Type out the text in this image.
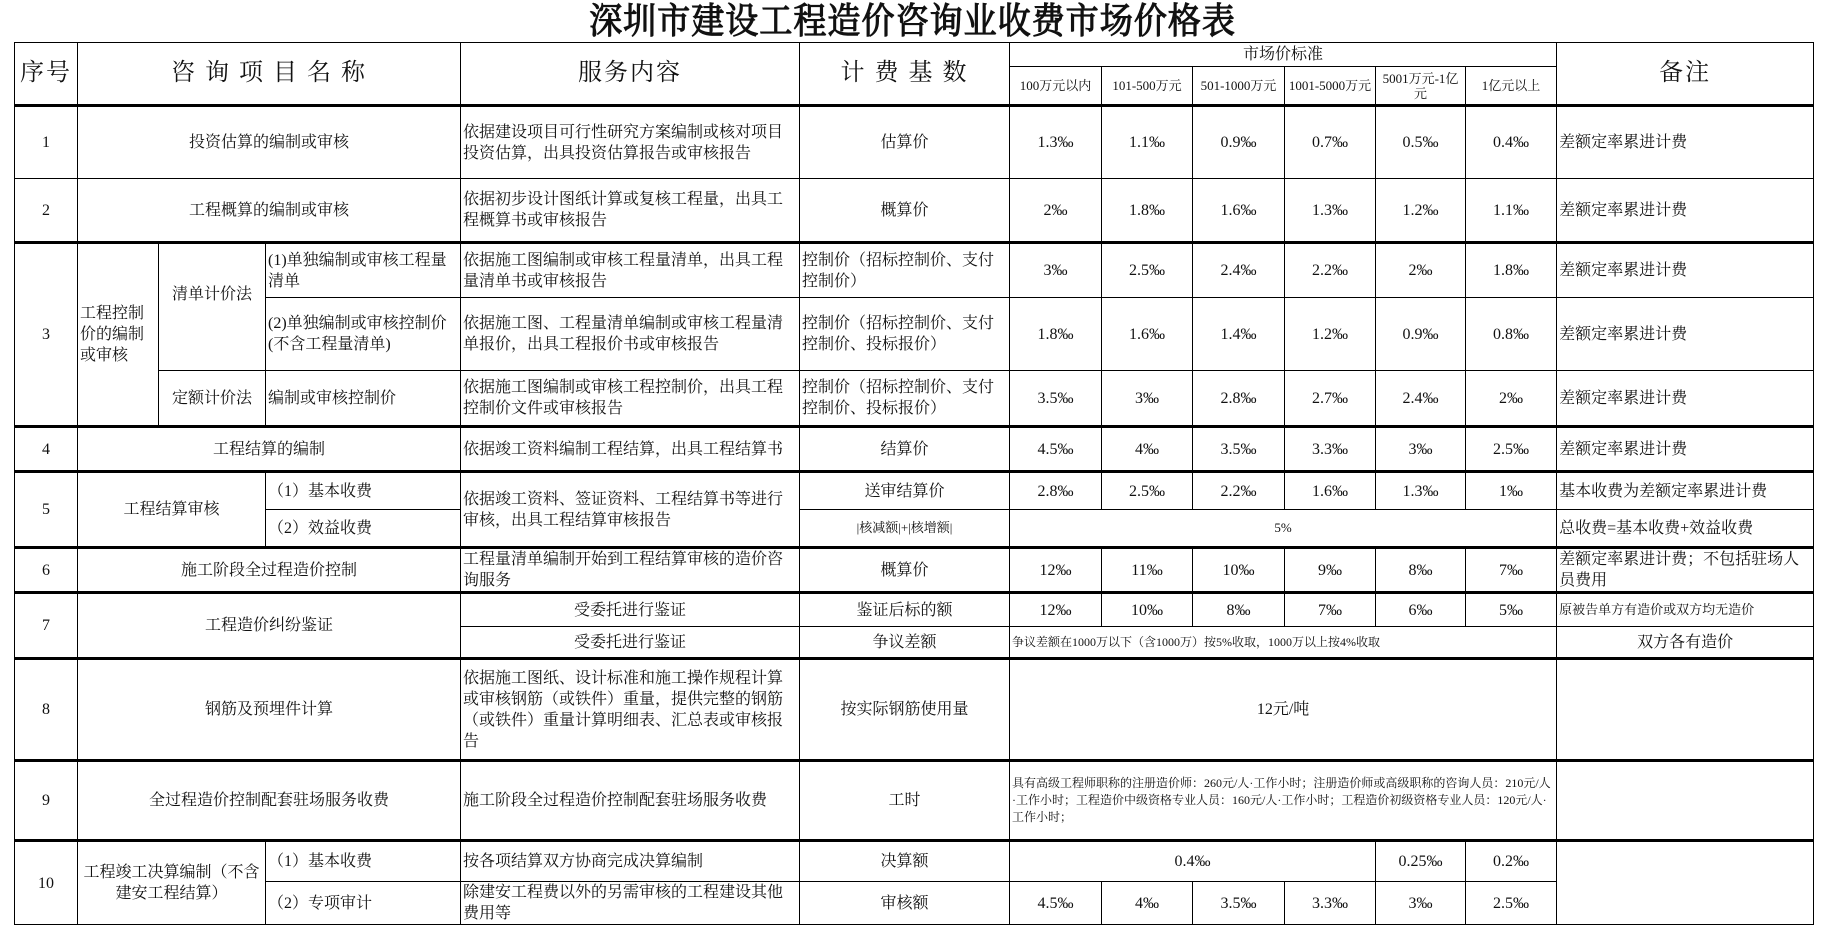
深圳市建设工程造价咨询业收费市场价格表
序号	咨 询 项 目 名 称			服务内容	计 费 基 数	市场价标准						备注
						100万元以内	101-500万元	501-1000万元	1001-5000万元	5001万元-1亿元	1亿元以上	
1	投资估算的编制或审核			依据建设项目可行性研究方案编制或核对项目投资估算，出具投资估算报告或审核报告	估算价	1.3‰	1.1‰	0.9‰	0.7‰	0.5‰	0.4‰	差额定率累进计费
2	工程概算的编制或审核			依据初步设计图纸计算或复核工程量，出具工程概算书或审核报告	概算价	2‰	1.8‰	1.6‰	1.3‰	1.2‰	1.1‰	差额定率累进计费
3	工程控制价的编制或审核	清单计价法	(1)单独编制或审核工程量清单	依据施工图编制或审核工程量清单，出具工程量清单书或审核报告	控制价（招标控制价、支付控制价）	3‰	2.5‰	2.4‰	2.2‰	2‰	1.8‰	差额定率累进计费
			(2)单独编制或审核控制价(不含工程量清单)	依据施工图、工程量清单编制或审核工程量清单报价，出具工程报价书或审核报告	控制价（招标控制价、支付控制价、投标报价）	1.8‰	1.6‰	1.4‰	1.2‰	0.9‰	0.8‰	差额定率累进计费
		定额计价法	编制或审核控制价	依据施工图编制或审核工程控制价，出具工程控制价文件或审核报告	控制价（招标控制价、支付控制价、投标报价）	3.5‰	3‰	2.8‰	2.7‰	2.4‰	2‰	差额定率累进计费
4	工程结算的编制			依据竣工资料编制工程结算，出具工程结算书	结算价	4.5‰	4‰	3.5‰	3.3‰	3‰	2.5‰	差额定率累进计费
5	工程结算审核		（1）基本收费	依据竣工资料、签证资料、工程结算书等进行审核，出具工程结算审核报告	送审结算价	2.8‰	2.5‰	2.2‰	1.6‰	1.3‰	1‰	基本收费为差额定率累进计费
			（2）效益收费		|核减额|+|核增额|	5%						总收费=基本收费+效益收费
6	施工阶段全过程造价控制			工程量清单编制开始到工程结算审核的造价咨询服务	概算价	12‰	11‰	10‰	9‰	8‰	7‰	差额定率累进计费；不包括驻场人员费用
7	工程造价纠纷鉴证			受委托进行鉴证	鉴证后标的额	12‰	10‰	8‰	7‰	6‰	5‰	原被告单方有造价或双方均无造价
				受委托进行鉴证	争议差额	争议差额在1000万以下（含1000万）按5%收取，1000万以上按4%收取						双方各有造价
8	钢筋及预埋件计算			依据施工图纸、设计标准和施工操作规程计算或审核钢筋（或铁件）重量，提供完整的钢筋（或铁件）重量计算明细表、汇总表或审核报告	按实际钢筋使用量	12元/吨						
9	全过程造价控制配套驻场服务收费			施工阶段全过程造价控制配套驻场服务收费	工时	具有高级工程师职称的注册造价师：260元/人·工作小时；注册造价师或高级职称的咨询人员：210元/人·工作小时；工程造价中级资格专业人员：160元/人·工作小时；工程造价初级资格专业人员：120元/人·工作小时；						
10	工程竣工决算编制（不含建安工程结算）		（1）基本收费	按各项结算双方协商完成决算编制	决算额	0.4‰				0.25‰	0.2‰	
			（2）专项审计	除建安工程费以外的另需审核的工程建设其他费用等	审核额	4.5‰	4‰	3.5‰	3.3‰	3‰	2.5‰	
